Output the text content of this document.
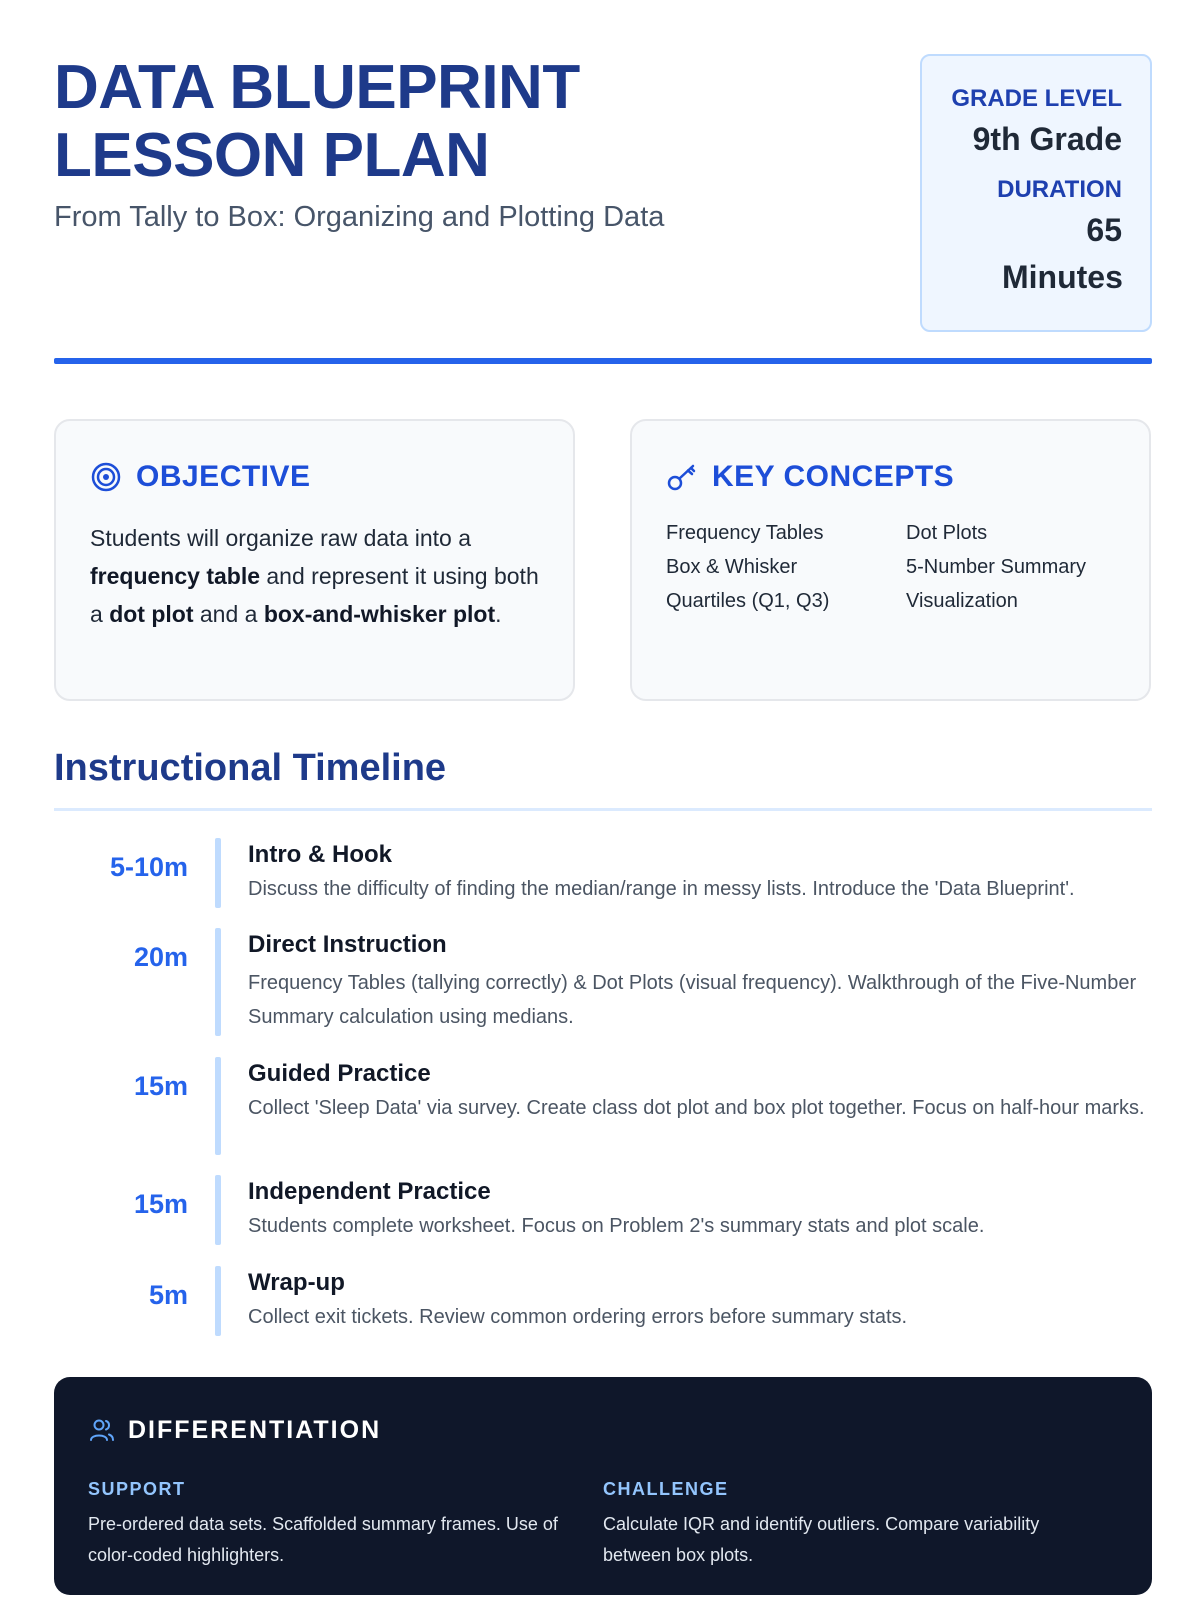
DATA BLUEPRINT LESSON PLAN
From Tally to Box: Organizing and Plotting Data
GRADE LEVEL
9th Grade
DURATION
65 Minutes
OBJECTIVE

Students will organize raw data into a frequency table and represent it using both a dot plot and a box-and-whisker plot.

KEY CONCEPTS
Frequency Tables	Dot Plots
Box & Whisker	5-Number Summary
Quartiles (Q1, Q3)	Visualization
Instructional Timeline
5-10m	Intro & Hook
Discuss the difficulty of finding the median/range in messy lists. Introduce the 'Data Blueprint'.
20m	Direct Instruction
Frequency Tables (tallying correctly) & Dot Plots (visual frequency). Walkthrough of the Five-Number Summary calculation using medians.
15m	Guided Practice
Collect 'Sleep Data' via survey. Create class dot plot and box plot together. Focus on half-hour marks.
15m	Independent Practice
Students complete worksheet. Focus on Problem 2's summary stats and plot scale.
5m	Wrap-up
Collect exit tickets. Review common ordering errors before summary stats.
DIFFERENTIATION
SUPPORT
Pre-ordered data sets. Scaffolded summary frames. Use of color-coded highlighters.
CHALLENGE
Calculate IQR and identify outliers. Compare variability between box plots.
